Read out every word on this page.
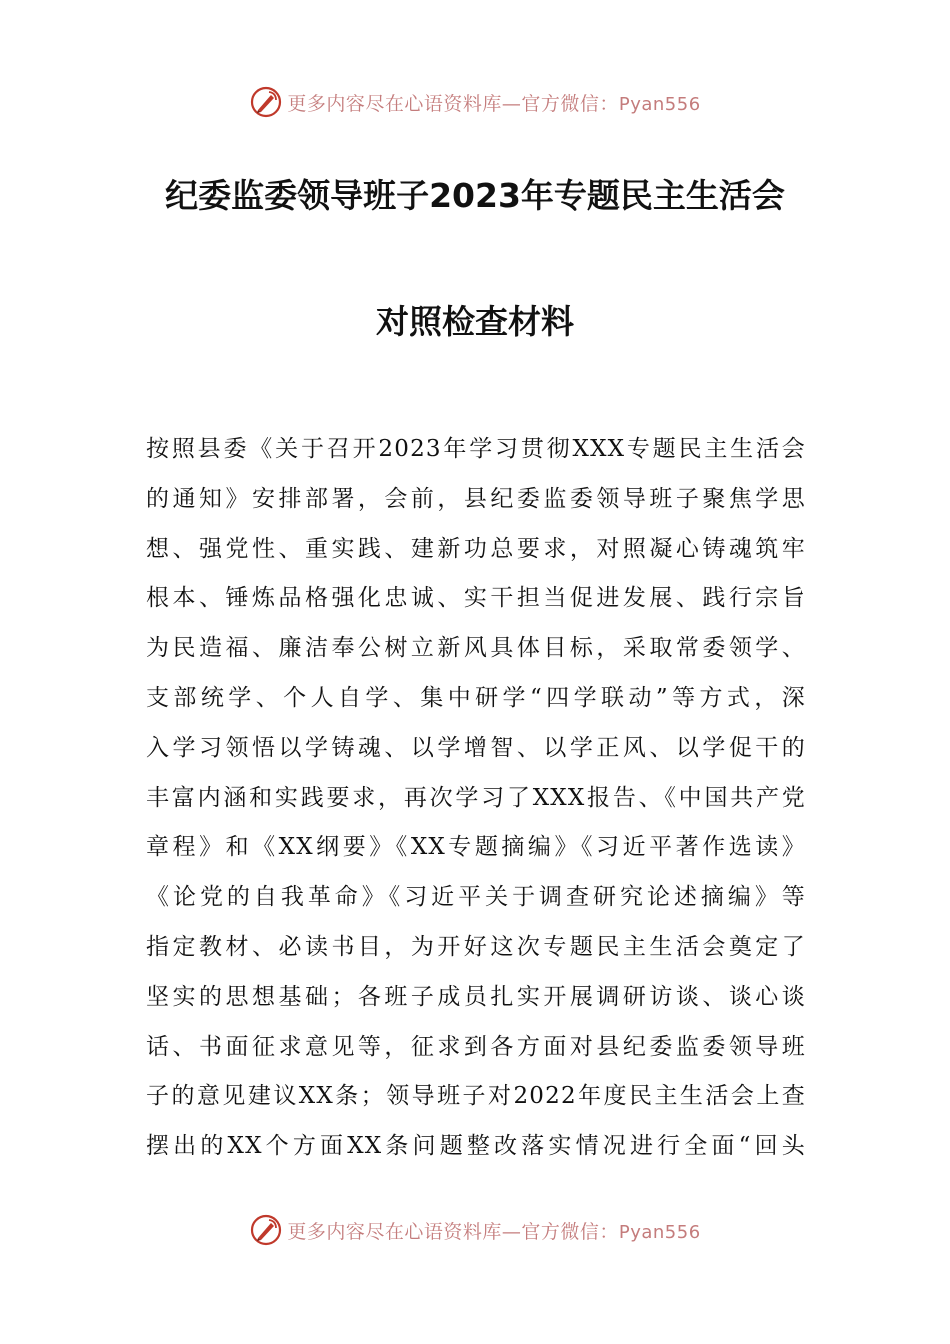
更多内容尽在心语资料库—官方微信：Pyan556
纪委监委领导班子2023年专题民主生活会
对照检查材料
按照县委《关于召开2023年学习贯彻XXX专题民主生活会
的通知》安排部署，会前，县纪委监委领导班子聚焦学思
想、强党性、重实践、建新功总要求，对照凝心铸魂筑牢
根本、锤炼品格强化忠诚、实干担当促进发展、践行宗旨
为民造福、廉洁奉公树立新风具体目标，采取常委领学、
支部统学、个人自学、集中研学“四学联动”等方式，深
入学习领悟以学铸魂、以学增智、以学正风、以学促干的
丰富内涵和实践要求，再次学习了XXX报告、《中国共产党
章程》和《XX纲要》《XX专题摘编》《习近平著作选读》
《论党的自我革命》《习近平关于调查研究论述摘编》等
指定教材、必读书目，为开好这次专题民主生活会奠定了
坚实的思想基础；各班子成员扎实开展调研访谈、谈心谈
话、书面征求意见等，征求到各方面对县纪委监委领导班
子的意见建议XX条；领导班子对2022年度民主生活会上查
摆出的XX个方面XX条问题整改落实情况进行全面“回头
更多内容尽在心语资料库—官方微信：Pyan556
